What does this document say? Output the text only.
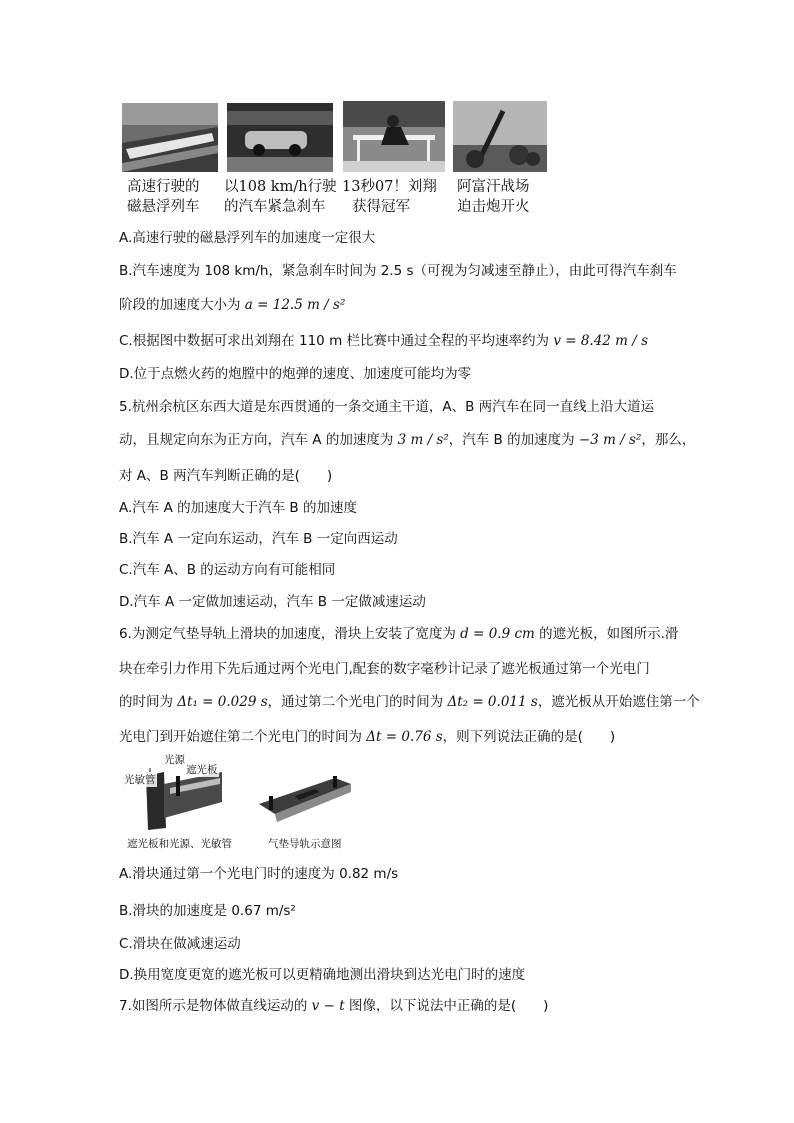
高速行驶的
磁悬浮列车
以108 km/h行驶
的汽车紧急刹车
13秒07！刘翔
获得冠军
阿富汗战场
迫击炮开火
A.高速行驶的磁悬浮列车的加速度一定很大
B.汽车速度为 108 km/h，紧急刹车时间为 2.5 s（可视为匀减速至静止），由此可得汽车刹车
阶段的加速度大小为 a = 12.5 m / s²
C.根据图中数据可求出刘翔在 110 m 栏比赛中通过全程的平均速率约为 v = 8.42 m / s
D.位于点燃火药的炮膛中的炮弹的速度、加速度可能均为零
5.杭州余杭区东西大道是东西贯通的一条交通主干道，A、B 两汽车在同一直线上沿大道运
动，且规定向东为正方向，汽车 A 的加速度为 3 m / s²，汽车 B 的加速度为 −3 m / s²，那么，
对 A、B 两汽车判断正确的是(　　)
A.汽车 A 的加速度大于汽车 B 的加速度
B.汽车 A 一定向东运动，汽车 B 一定向西运动
C.汽车 A、B 的运动方向有可能相同
D.汽车 A 一定做加速运动，汽车 B 一定做减速运动
6.为测定气垫导轨上滑块的加速度，滑块上安装了宽度为 d = 0.9 cm 的遮光板，如图所示.滑
块在牵引力作用下先后通过两个光电门,配套的数字毫秒计记录了遮光板通过第一个光电门
的时间为 Δt₁ = 0.029 s，通过第二个光电门的时间为 Δt₂ = 0.011 s，遮光板从开始遮住第一个
光电门到开始遮住第二个光电门的时间为 Δt = 0.76 s，则下列说法正确的是(　　)
光源
遮光板
光敏管
遮光板和光源、光敏管	气垫导轨示意图
A.滑块通过第一个光电门时的速度为 0.82 m/s
B.滑块的加速度是 0.67 m/s²
C.滑块在做减速运动
D.换用宽度更宽的遮光板可以更精确地测出滑块到达光电门时的速度
7.如图所示是物体做直线运动的 v − t 图像，以下说法中正确的是(　　)
